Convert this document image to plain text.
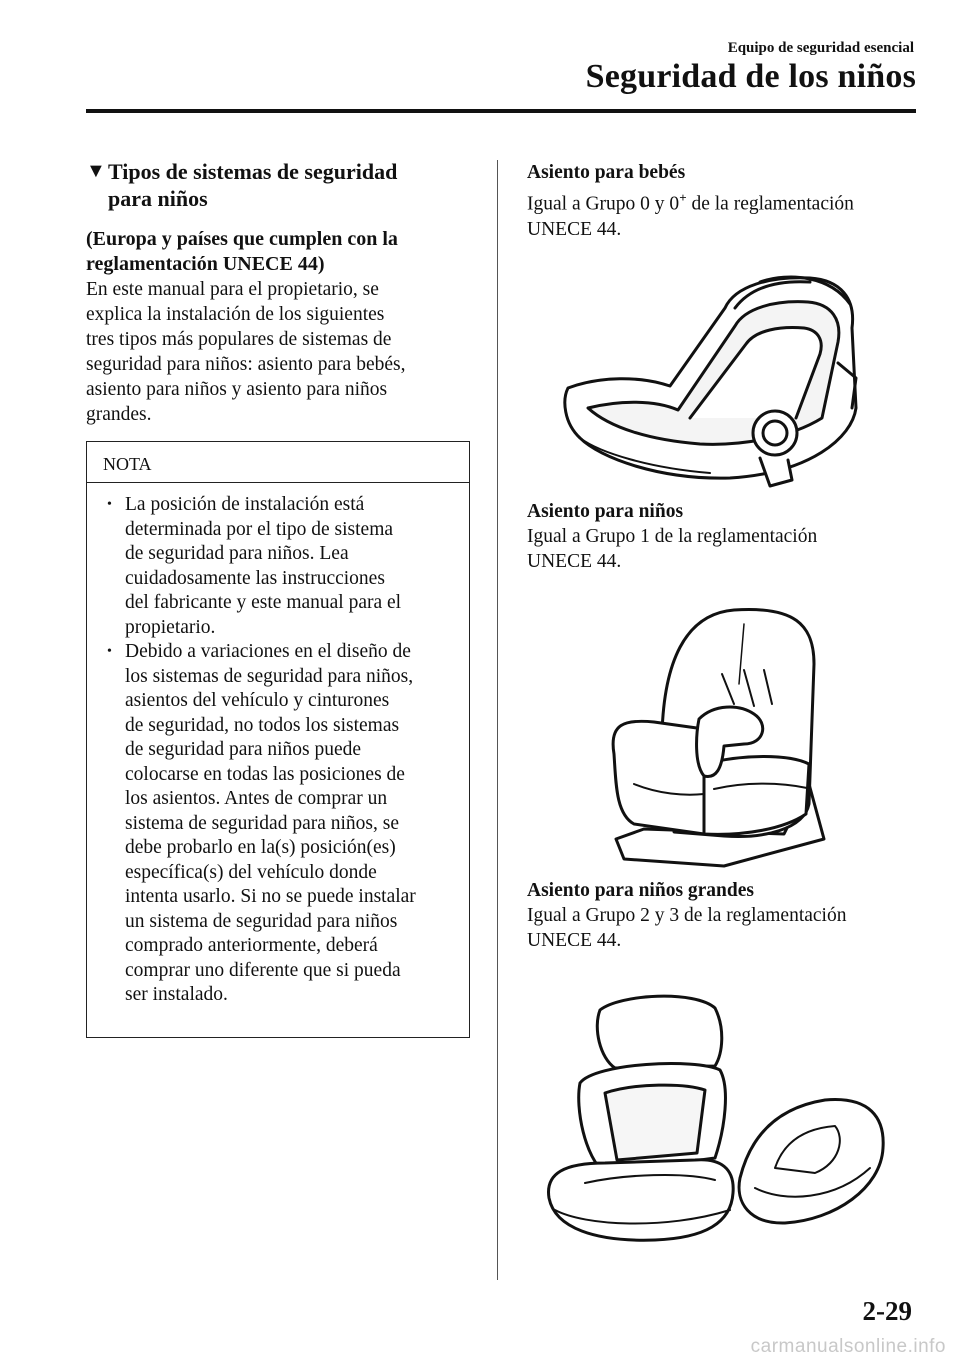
Equipo de seguridad esencial
Seguridad de los niños
▼ Tipos de sistemas de seguridad
para niños
(Europa y países que cumplen con la
reglamentación UNECE 44)
En este manual para el propietario, se
explica la instalación de los siguientes
tres tipos más populares de sistemas de
seguridad para niños: asiento para bebés,
asiento para niños y asiento para niños
grandes.
NOTA
• La posición de instalación está
determinada por el tipo de sistema
de seguridad para niños. Lea
cuidadosamente las instrucciones
del fabricante y este manual para el
propietario.
• Debido a variaciones en el diseño de
los sistemas de seguridad para niños,
asientos del vehículo y cinturones
de seguridad, no todos los sistemas
de seguridad para niños puede
colocarse en todas las posiciones de
los asientos. Antes de comprar un
sistema de seguridad para niños, se
debe probarlo en la(s) posición(es)
específica(s) del vehículo donde
intenta usarlo. Si no se puede instalar
un sistema de seguridad para niños
comprado anteriormente, deberá
comprar uno diferente que si pueda
ser instalado.
Asiento para bebés
Igual a Grupo 0 y 0+ de la reglamentación
UNECE 44.
Asiento para niños
Igual a Grupo 1 de la reglamentación
UNECE 44.
Asiento para niños grandes
Igual a Grupo 2 y 3 de la reglamentación
UNECE 44.
2-29
carmanualsonline.info
